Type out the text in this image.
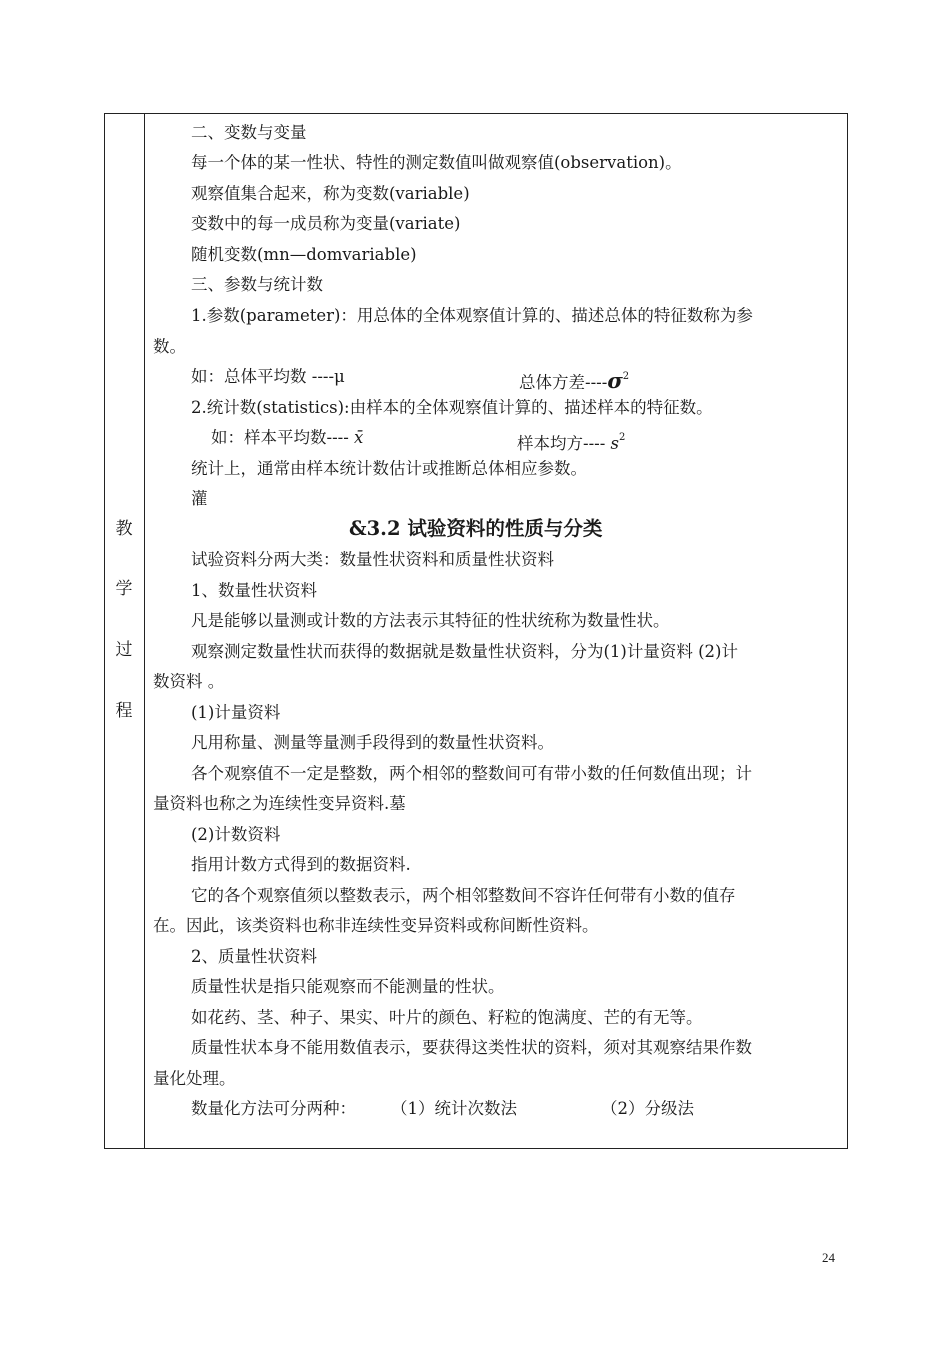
教
学
过
程
二、变数与变量
每一个体的某一性状、特性的测定数值叫做观察值(observation)。
观察值集合起来，称为变数(variable)
变数中的每一成员称为变量(variate)
随机变数(mn—domvariable)
三、参数与统计数
1.参数(parameter)：用总体的全体观察值计算的、描述总体的特征数称为参
数。
如：总体平均数 ----μ	总体方差$----\sigma^2$
2.统计数(statistics):由样本的全体观察值计算的、描述样本的特征数。
如：样本平均数---- x̄	样本均方---- $s^2$
统计上，通常由样本统计数估计或推断总体相应参数。
灌
&3.2 试验资料的性质与分类
试验资料分两大类：数量性状资料和质量性状资料
1、数量性状资料
凡是能够以量测或计数的方法表示其特征的性状统称为数量性状。
观察测定数量性状而获得的数据就是数量性状资料，分为(1)计量资料 (2)计
数资料 。
(1)计量资料
凡用称量、测量等量测手段得到的数量性状资料。
各个观察值不一定是整数，两个相邻的整数间可有带小数的任何数值出现；计
量资料也称之为连续性变异资料.墓
(2)计数资料
指用计数方式得到的数据资料.
它的各个观察值须以整数表示，两个相邻整数间不容许任何带有小数的值存
在。因此，该类资料也称非连续性变异资料或称间断性资料。
2、质量性状资料
质量性状是指只能观察而不能测量的性状。
如花药、茎、种子、果实、叶片的颜色、籽粒的饱满度、芒的有无等。
质量性状本身不能用数值表示，要获得这类性状的资料，须对其观察结果作数
量化处理。
数量化方法可分两种： （1）统计次数法	（2）分级法
24
